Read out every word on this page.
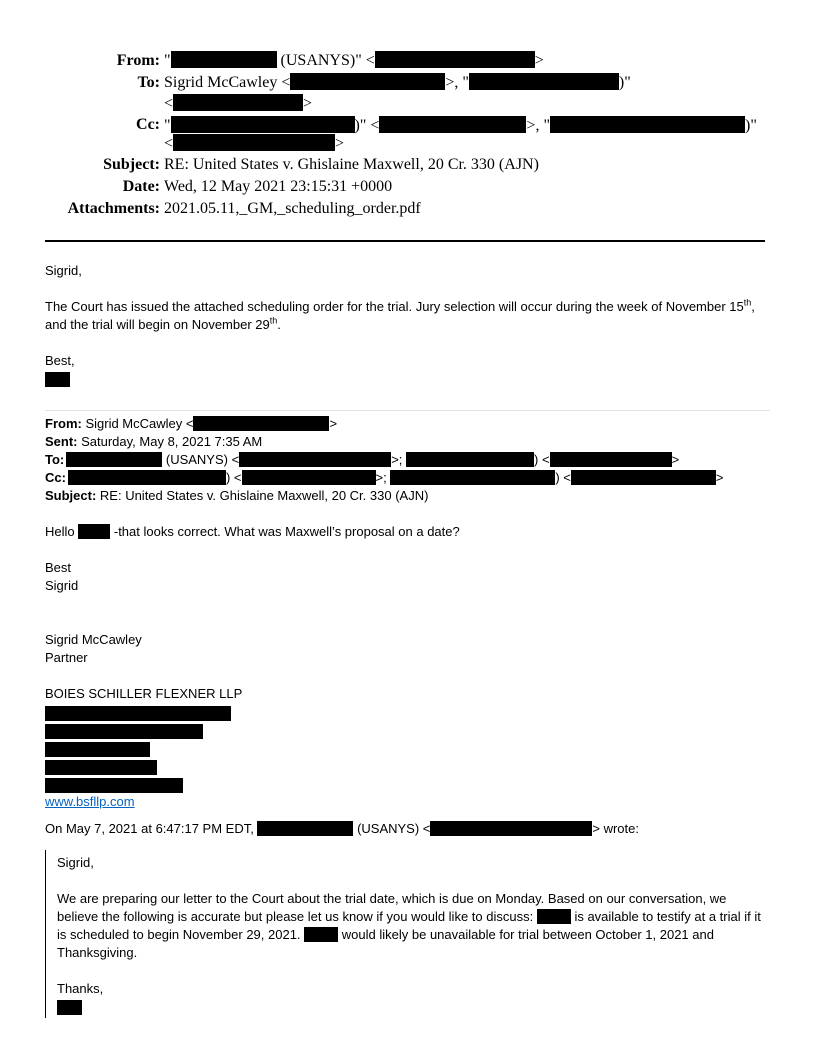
From: "	(USANYS)" <	>
To: Sigrid McCawley <	>, "	)"
<	>
Cc: "	)" <	>, "	)"
<	>
Subject: RE: United States v. Ghislaine Maxwell, 20 Cr. 330 (AJN)
Date: Wed, 12 May 2021 23:15:31 +0000
Attachments: 2021.05.11,_GM,_scheduling_order.pdf
Sigrid,
The Court has issued the attached scheduling order for the trial. Jury selection will occur during the week of November 15th, and the trial will begin on November 29th.
Best,
From: Sigrid McCawley <	>
Sent: Saturday, May 8, 2021 7:35 AM
To:	(USANYS) <	>;	) <	>
Cc:	) <	>;	) <	>
Subject: RE: United States v. Ghislaine Maxwell, 20 Cr. 330 (AJN)
Hello	-that looks correct. What was Maxwell’s proposal on a date?
Best
Sigrid
Sigrid McCawley
Partner
BOIES SCHILLER FLEXNER LLP
www.bsfllp.com
On May 7, 2021 at 6:47:17 PM EDT,	(USANYS) <	> wrote:
Sigrid,
We are preparing our letter to the Court about the trial date, which is due on Monday. Based on our conversation, we believe the following is accurate but please let us know if you would like to discuss:	is available to testify at a trial if it is scheduled to begin November 29, 2021.	would likely be unavailable for trial between October 1, 2021 and Thanksgiving.
Thanks,
